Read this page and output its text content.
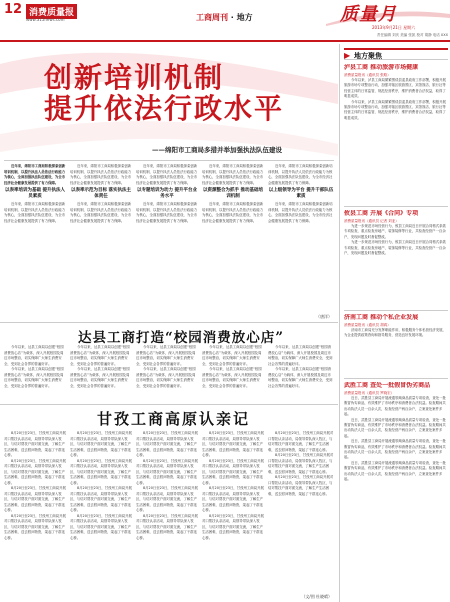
12 消费质量报
www.315news.com	工商周刊 · 地方	质量月
2013年9月21日 星期六
责任编辑 刘庆 美编 张凯 校对 胡静 电话 XXX
创新培训机制
提升依法行政水平
——绵阳市工商局多措并举加强执法队伍建设

近年来，绵阳市工商局积极探索创新培训机制，以提升执法人员依法行政能力为核心，全面加强执法队伍建设，为全市经济社会健康发展提供了有力保障。

以表率培训为基础 提升执法人员素质

近年来，绵阳市工商局积极探索创新培训机制，以提升执法人员依法行政能力为核心，全面加强执法队伍建设，为全市经济社会健康发展提供了有力保障。

近年来，绵阳市工商局积极探索创新培训机制，以提升执法人员依法行政能力为核心，全面加强执法队伍建设，为全市经济社会健康发展提供了有力保障。

以表率示范为目标 落实执法主体责任

近年来，绵阳市工商局积极探索创新培训机制，以提升执法人员依法行政能力为核心，全面加强执法队伍建设，为全市经济社会健康发展提供了有力保障。

近年来，绵阳市工商局积极探索创新培训机制，以提升执法人员依法行政能力为核心，全面加强执法队伍建设，为全市经济社会健康发展提供了有力保障。

以专题培训为动力 提升平台业务水平

近年来，绵阳市工商局积极探索创新培训机制，以提升执法人员依法行政能力为核心，全面加强执法队伍建设，为全市经济社会健康发展提供了有力保障。

近年来，绵阳市工商局积极探索创新培训机制，以提升执法人员依法行政能力为核心，全面加强执法队伍建设，为全市经济社会健康发展提供了有力保障。

以资源整合为抓手 推动基础培训机制

近年来，绵阳市工商局积极探索创新培训机制，以提升执法人员依法行政能力为核心，全面加强执法队伍建设，为全市经济社会健康发展提供了有力保障。

近年来，绵阳市工商局积极探索创新培训机制，以提升执法人员依法行政能力为核心，全面加强执法队伍建设，为全市经济社会健康发展提供了有力保障。

以上级领导为平台 提升干部队伍素质

近年来，绵阳市工商局积极探索创新培训机制，以提升执法人员依法行政能力为核心，全面加强执法队伍建设，为全市经济社会健康发展提供了有力保障。

（唐洋）
▶ 地方聚焦
泸县工商 推动旅游市场健康
消费质量报讯（通讯员 张路）

今年以来，泸县工商局紧紧围绕县委县政府工作部署，积极开展旅游市场专项整治行动，加强对辖区旅游景区、宾馆饭店、旅行社等经营主体的日常监管，规范经营秩序，维护消费者合法权益，取得了明显成效。

今年以来，泸县工商局紧紧围绕县委县政府工作部署，积极开展旅游市场专项整治行动，加强对辖区旅游景区、宾馆饭店、旅行社等经营主体的日常监管，规范经营秩序，维护消费者合法权益，取得了明显成效。

攸县工商 开展《合同》专项
消费质量报讯（通讯员 记者 刘亚）

为进一步规范市场经营行为，攸县工商局近日开展合同格式条款专项检查，重点检查房地产、装饰装修等行业，共检查经营户一百余户，发现问题及时督促整改。

为进一步规范市场经营行为，攸县工商局近日开展合同格式条款专项检查，重点检查房地产、装饰装修等行业，共检查经营户一百余户，发现问题及时督促整改。

济南工商 推动个私企业发展
消费质量报讯（通讯员 胡鸿）

济南市工商局充分发挥职能作用，积极服务个体私营经济发展，为企业提供政策咨询和指导服务，营造良好发展环境。

武胜工商 查处一批假冒伪劣商品
消费质量报讯（通讯员 罗晓宏）

近日，武胜县工商局开展流通领域商品质量专项检查，查处一批假冒伪劣商品，有效维护了市场秩序和消费者合法权益。检查期间共出动执法人员一百余人次，检查经营户两百余户，立案查处案件多起。

近日，武胜县工商局开展流通领域商品质量专项检查，查处一批假冒伪劣商品，有效维护了市场秩序和消费者合法权益。检查期间共出动执法人员一百余人次，检查经营户两百余户，立案查处案件多起。

近日，武胜县工商局开展流通领域商品质量专项检查，查处一批假冒伪劣商品，有效维护了市场秩序和消费者合法权益。检查期间共出动执法人员一百余人次，检查经营户两百余户，立案查处案件多起。

近日，武胜县工商局开展流通领域商品质量专项检查，查处一批假冒伪劣商品，有效维护了市场秩序和消费者合法权益。检查期间共出动执法人员一百余人次，检查经营户两百余户，立案查处案件多起。

达县工商打造“校园消费放心店”

今年以来，达县工商局以创建“校园消费放心店”为载体，深入开展校园及周边市场整治，切实保障广大师生消费安全，受到社会各界的普遍好评。

今年以来，达县工商局以创建“校园消费放心店”为载体，深入开展校园及周边市场整治，切实保障广大师生消费安全，受到社会各界的普遍好评。

今年以来，达县工商局以创建“校园消费放心店”为载体，深入开展校园及周边市场整治，切实保障广大师生消费安全，受到社会各界的普遍好评。

今年以来，达县工商局以创建“校园消费放心店”为载体，深入开展校园及周边市场整治，切实保障广大师生消费安全，受到社会各界的普遍好评。

今年以来，达县工商局以创建“校园消费放心店”为载体，深入开展校园及周边市场整治，切实保障广大师生消费安全，受到社会各界的普遍好评。

今年以来，达县工商局以创建“校园消费放心店”为载体，深入开展校园及周边市场整治，切实保障广大师生消费安全，受到社会各界的普遍好评。

今年以来，达县工商局以创建“校园消费放心店”为载体，深入开展校园及周边市场整治，切实保障广大师生消费安全，受到社会各界的普遍好评。

今年以来，达县工商局以创建“校园消费放心店”为载体，深入开展校园及周边市场整治，切实保障广大师生消费安全，受到社会各界的普遍好评。

今年以来，达县工商局以创建“校园消费放心店”为载体，深入开展校园及周边市场整治，切实保障广大师生消费安全，受到社会各界的普遍好评。

今年以来，达县工商局以创建“校园消费放心店”为载体，深入开展校园及周边市场整治，切实保障广大师生消费安全，受到社会各界的普遍好评。

甘孜工商高原认亲记

8月20日至23日，甘孜州工商局开展对口帮扶认亲活动，局领导带队深入牧区，与结对帮扶户面对面交流，了解生产生活困难，送去慰问物资，架起了干群连心桥。

8月20日至23日，甘孜州工商局开展对口帮扶认亲活动，局领导带队深入牧区，与结对帮扶户面对面交流，了解生产生活困难，送去慰问物资，架起了干群连心桥。

8月20日至23日，甘孜州工商局开展对口帮扶认亲活动，局领导带队深入牧区，与结对帮扶户面对面交流，了解生产生活困难，送去慰问物资，架起了干群连心桥。

8月20日至23日，甘孜州工商局开展对口帮扶认亲活动，局领导带队深入牧区，与结对帮扶户面对面交流，了解生产生活困难，送去慰问物资，架起了干群连心桥。

8月20日至23日，甘孜州工商局开展对口帮扶认亲活动，局领导带队深入牧区，与结对帮扶户面对面交流，了解生产生活困难，送去慰问物资，架起了干群连心桥。

8月20日至23日，甘孜州工商局开展对口帮扶认亲活动，局领导带队深入牧区，与结对帮扶户面对面交流，了解生产生活困难，送去慰问物资，架起了干群连心桥。

8月20日至23日，甘孜州工商局开展对口帮扶认亲活动，局领导带队深入牧区，与结对帮扶户面对面交流，了解生产生活困难，送去慰问物资，架起了干群连心桥。

8月20日至23日，甘孜州工商局开展对口帮扶认亲活动，局领导带队深入牧区，与结对帮扶户面对面交流，了解生产生活困难，送去慰问物资，架起了干群连心桥。

8月20日至23日，甘孜州工商局开展对口帮扶认亲活动，局领导带队深入牧区，与结对帮扶户面对面交流，了解生产生活困难，送去慰问物资，架起了干群连心桥。

8月20日至23日，甘孜州工商局开展对口帮扶认亲活动，局领导带队深入牧区，与结对帮扶户面对面交流，了解生产生活困难，送去慰问物资，架起了干群连心桥。

8月20日至23日，甘孜州工商局开展对口帮扶认亲活动，局领导带队深入牧区，与结对帮扶户面对面交流，了解生产生活困难，送去慰问物资，架起了干群连心桥。

8月20日至23日，甘孜州工商局开展对口帮扶认亲活动，局领导带队深入牧区，与结对帮扶户面对面交流，了解生产生活困难，送去慰问物资，架起了干群连心桥。

8月20日至23日，甘孜州工商局开展对口帮扶认亲活动，局领导带队深入牧区，与结对帮扶户面对面交流，了解生产生活困难，送去慰问物资，架起了干群连心桥。

8月20日至23日，甘孜州工商局开展对口帮扶认亲活动，局领导带队深入牧区，与结对帮扶户面对面交流，了解生产生活困难，送去慰问物资，架起了干群连心桥。

8月20日至23日，甘孜州工商局开展对口帮扶认亲活动，局领导带队深入牧区，与结对帮扶户面对面交流，了解生产生活困难，送去慰问物资，架起了干群连心桥。

8月20日至23日，甘孜州工商局开展对口帮扶认亲活动，局领导带队深入牧区，与结对帮扶户面对面交流，了解生产生活困难，送去慰问物资，架起了干群连心桥。

8月20日至23日，甘孜州工商局开展对口帮扶认亲活动，局领导带队深入牧区，与结对帮扶户面对面交流，了解生产生活困难，送去慰问物资，架起了干群连心桥。

8月20日至23日，甘孜州工商局开展对口帮扶认亲活动，局领导带队深入牧区，与结对帮扶户面对面交流，了解生产生活困难，送去慰问物资，架起了干群连心桥。

8月20日至23日，甘孜州工商局开展对口帮扶认亲活动，局领导带队深入牧区，与结对帮扶户面对面交流，了解生产生活困难，送去慰问物资，架起了干群连心桥。

（文/图 杜晓晴）
